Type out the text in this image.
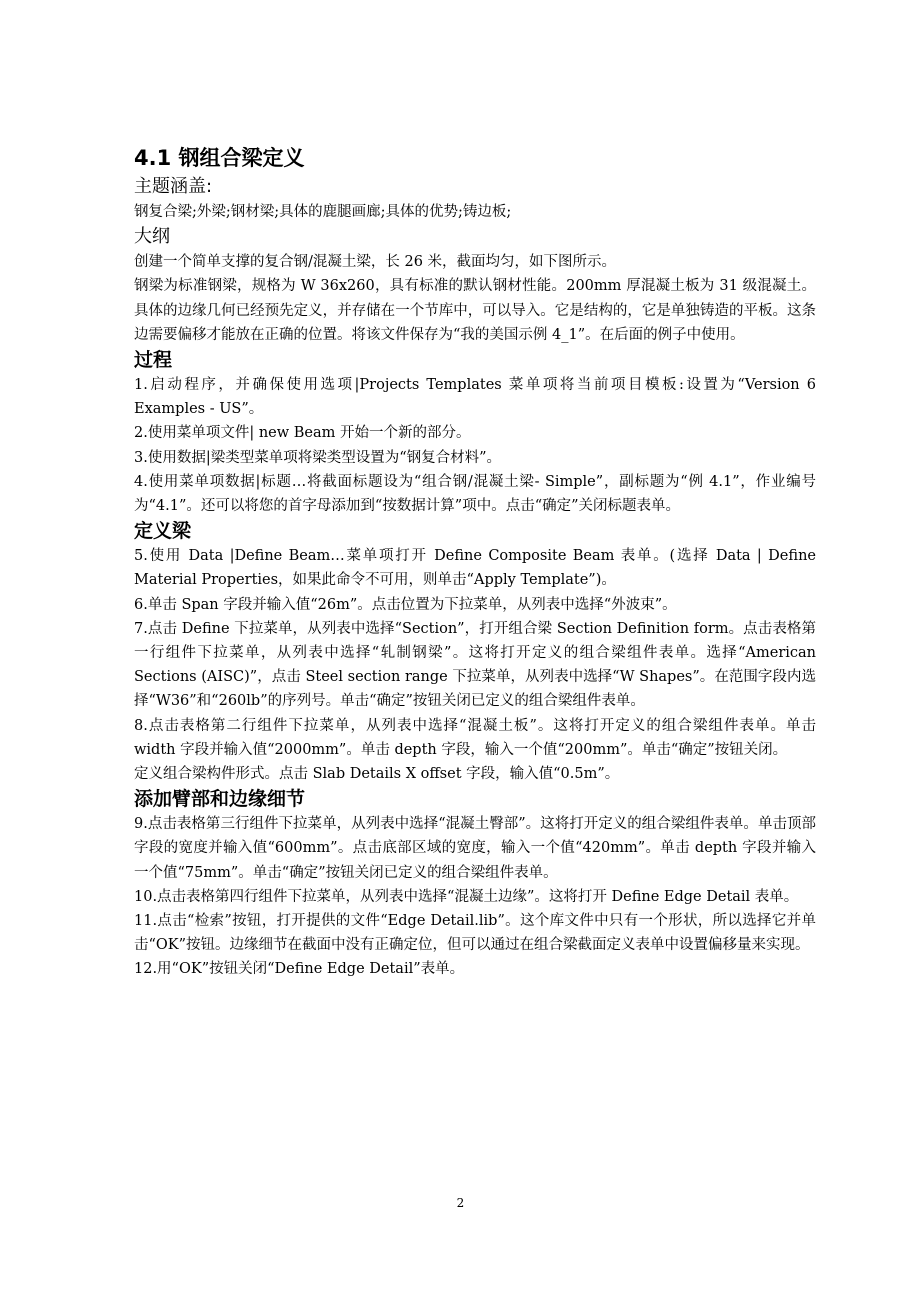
4.1 钢组合梁定义
主题涵盖:

钢复合梁;外梁;钢材梁;具体的鹿腿画廊;具体的优势;铸边板;

大纲

创建一个简单支撑的复合钢/混凝土梁，长 26 米，截面均匀，如下图所示。

钢梁为标准钢梁，规格为 W 36x260，具有标准的默认钢材性能。200mm 厚混凝土板为 31 级混凝土。具体的边缘几何已经预先定义，并存储在一个节库中，可以导入。它是结构的，它是单独铸造的平板。这条边需要偏移才能放在正确的位置。将该文件保存为“我的美国示例 4_1”。在后面的例子中使用。

过程

1.启动程序，并确保使用选项|Projects Templates 菜单项将当前项目模板:设置为“Version 6 Examples - US”。

2.使用菜单项文件| new Beam 开始一个新的部分。

3.使用数据|梁类型菜单项将梁类型设置为“钢复合材料”。

4.使用菜单项数据|标题…将截面标题设为“组合钢/混凝土梁- Simple”，副标题为“例 4.1”，作业编号为“4.1”。还可以将您的首字母添加到“按数据计算”项中。点击“确定”关闭标题表单。

定义梁

5.使用 Data |Define Beam…菜单项打开 Define Composite Beam 表单。(选择 Data | Define Material Properties，如果此命令不可用，则单击“Apply Template”)。

6.单击 Span 字段并输入值“26m”。点击位置为下拉菜单，从列表中选择“外波束”。

7.点击 Define 下拉菜单，从列表中选择“Section”，打开组合梁 Section Definition form。点击表格第一行组件下拉菜单，从列表中选择“轧制钢梁”。这将打开定义的组合梁组件表单。选择“American Sections (AISC)”，点击 Steel section range 下拉菜单，从列表中选择“W Shapes”。在范围字段内选择“W36”和“260lb”的序列号。单击“确定”按钮关闭已定义的组合梁组件表单。

8.点击表格第二行组件下拉菜单，从列表中选择“混凝土板”。这将打开定义的组合梁组件表单。单击 width 字段并输入值“2000mm”。单击 depth 字段，输入一个值“200mm”。单击“确定”按钮关闭。

定义组合梁构件形式。点击 Slab Details X offset 字段，输入值“0.5m”。

添加臂部和边缘细节

9.点击表格第三行组件下拉菜单，从列表中选择“混凝土臀部”。这将打开定义的组合梁组件表单。单击顶部字段的宽度并输入值“600mm”。点击底部区域的宽度，输入一个值“420mm”。单击 depth 字段并输入一个值“75mm”。单击“确定”按钮关闭已定义的组合梁组件表单。

10.点击表格第四行组件下拉菜单，从列表中选择“混凝土边缘”。这将打开 Define Edge Detail 表单。

11.点击“检索”按钮，打开提供的文件“Edge Detail.lib”。这个库文件中只有一个形状，所以选择它并单击“OK”按钮。边缘细节在截面中没有正确定位，但可以通过在组合梁截面定义表单中设置偏移量来实现。

12.用“OK”按钮关闭“Define Edge Detail”表单。

2
